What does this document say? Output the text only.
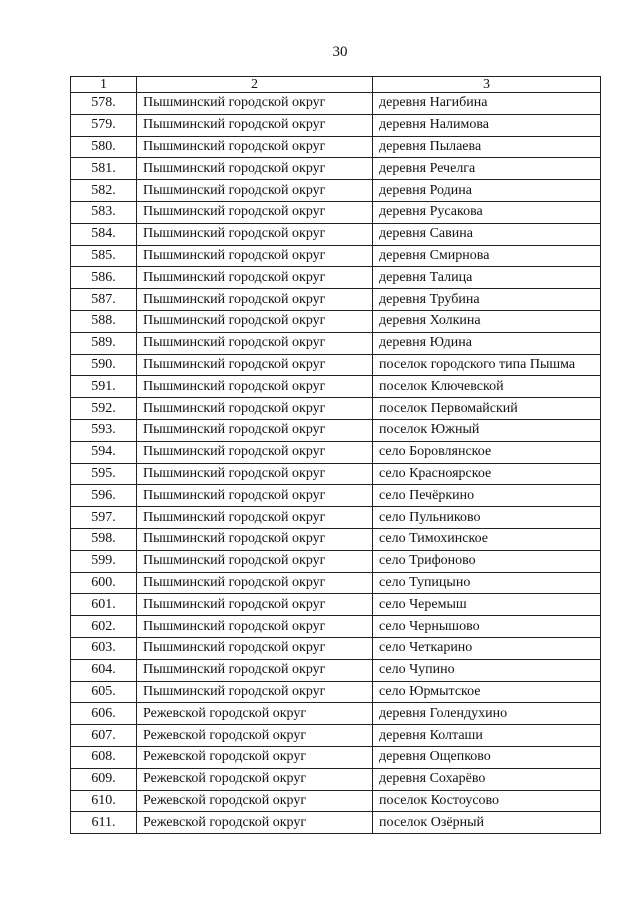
30
1	2	3
578.	Пышминский городской округ	деревня Нагибина
579.	Пышминский городской округ	деревня Налимова
580.	Пышминский городской округ	деревня Пылаева
581.	Пышминский городской округ	деревня Речелга
582.	Пышминский городской округ	деревня Родина
583.	Пышминский городской округ	деревня Русакова
584.	Пышминский городской округ	деревня Савина
585.	Пышминский городской округ	деревня Смирнова
586.	Пышминский городской округ	деревня Талица
587.	Пышминский городской округ	деревня Трубина
588.	Пышминский городской округ	деревня Холкина
589.	Пышминский городской округ	деревня Юдина
590.	Пышминский городской округ	поселок городского типа Пышма
591.	Пышминский городской округ	поселок Ключевской
592.	Пышминский городской округ	поселок Первомайский
593.	Пышминский городской округ	поселок Южный
594.	Пышминский городской округ	село Боровлянское
595.	Пышминский городской округ	село Красноярское
596.	Пышминский городской округ	село Печёркино
597.	Пышминский городской округ	село Пульниково
598.	Пышминский городской округ	село Тимохинское
599.	Пышминский городской округ	село Трифоново
600.	Пышминский городской округ	село Тупицыно
601.	Пышминский городской округ	село Черемыш
602.	Пышминский городской округ	село Чернышово
603.	Пышминский городской округ	село Четкарино
604.	Пышминский городской округ	село Чупино
605.	Пышминский городской округ	село Юрмытское
606.	Режевской городской округ	деревня Голендухино
607.	Режевской городской округ	деревня Колташи
608.	Режевской городской округ	деревня Ощепково
609.	Режевской городской округ	деревня Сохарёво
610.	Режевской городской округ	поселок Костоусово
611.	Режевской городской округ	поселок Озёрный
